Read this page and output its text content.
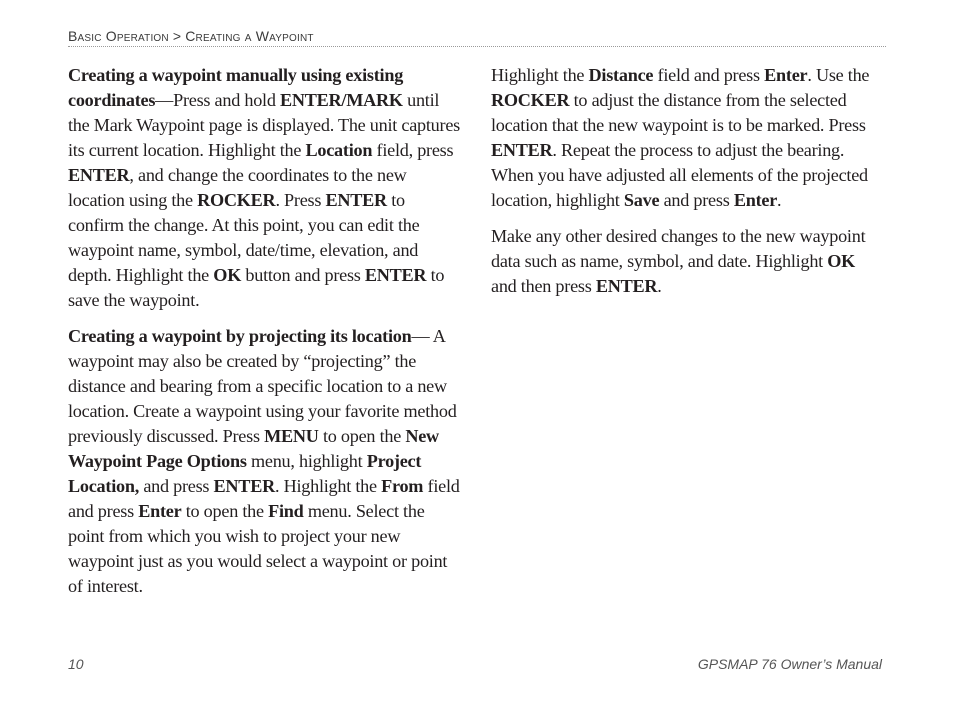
Basic Operation > Creating a Waypoint

Creating a waypoint manually using existing coordinates—Press and hold ENTER/MARK until the Mark Waypoint page is displayed. The unit captures its current location. Highlight the Location field, press ENTER, and change the coordinates to the new location using the ROCKER. Press ENTER to confirm the change. At this point, you can edit the waypoint name, symbol, date/time, elevation, and depth. Highlight the OK button and press ENTER to save the waypoint.

Creating a waypoint by projecting its location— A waypoint may also be created by “projecting” the distance and bearing from a specific location to a new location. Create a waypoint using your favorite method previously discussed. Press MENU to open the New Waypoint Page Options menu, highlight Project Location, and press ENTER. Highlight the From field and press Enter to open the Find menu. Select the point from which you wish to project your new waypoint just as you would select a waypoint or point of interest.

Highlight the Distance field and press Enter. Use the ROCKER to adjust the distance from the selected location that the new waypoint is to be marked. Press ENTER. Repeat the process to adjust the bearing. When you have adjusted all elements of the projected location, highlight Save and press Enter.

Make any other desired changes to the new waypoint data such as name, symbol, and date. Highlight OK and then press ENTER.

10	GPSMAP 76 Owner’s Manual
